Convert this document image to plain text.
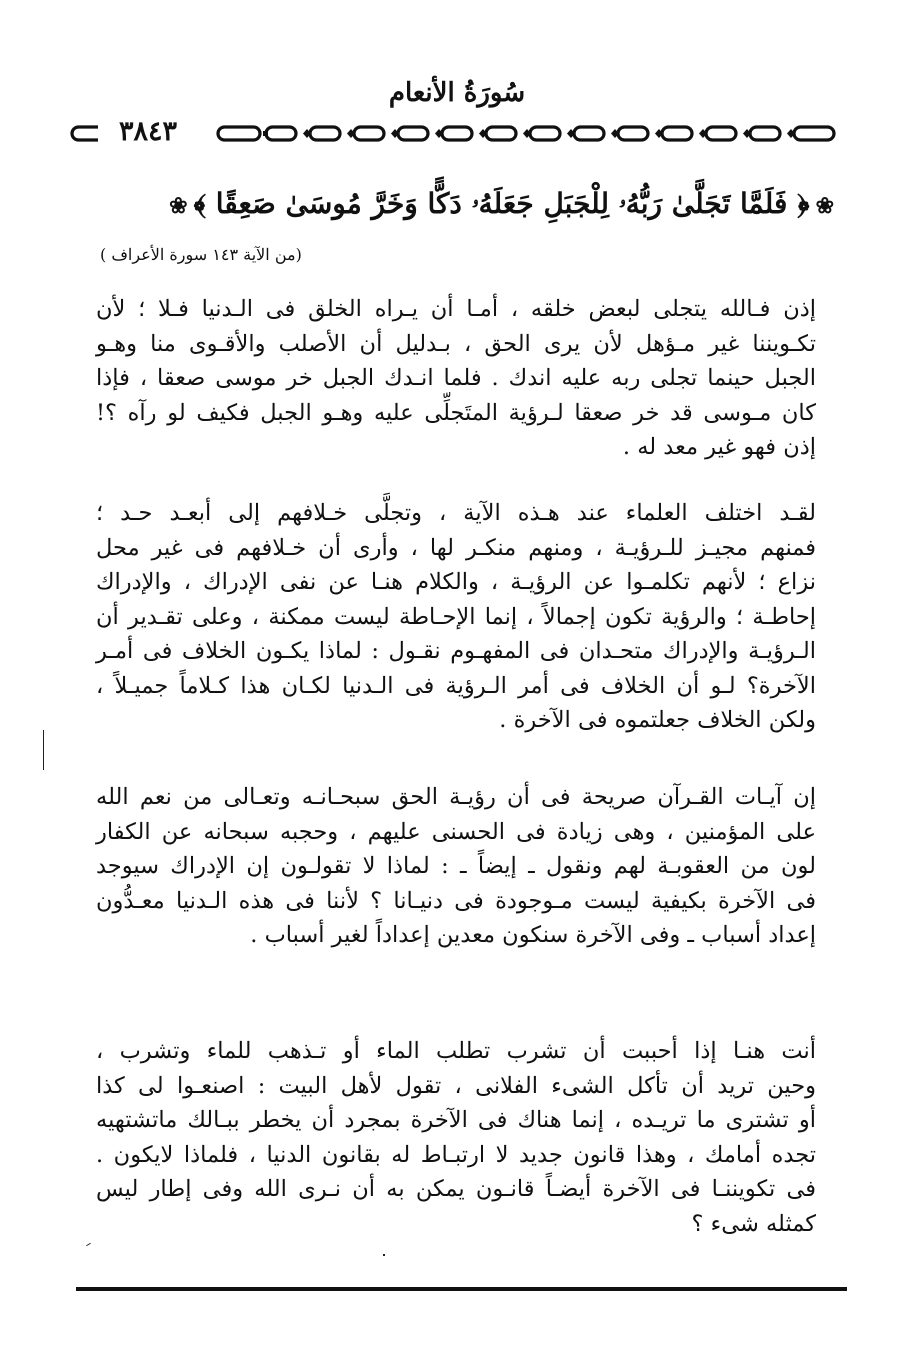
سُورَةُ الأنعام
٣٨٤٣
❀﴿ فَلَمَّا تَجَلَّىٰ رَبُّهُۥ لِلْجَبَلِ جَعَلَهُۥ دَكًّا وَخَرَّ مُوسَىٰ صَعِقًا ﴾❀
(من الآية ١٤٣ سورة الأعراف )
إذن فـالله يتجلى لبعض خلقه ، أمـا أن يـراه الخلق فى الـدنيا فـلا ؛ لأن
تكـويننا غير مـؤهل لأن يرى الحق ، بـدليل أن الأصلب والأقـوى منا وهـو
الجبل حينما تجلى ربه عليه اندك . فلما انـدك الجبل خر موسى صعقا ، فإذا
كان مـوسى قد خر صعقا لـرؤية المتَجلِّى عليه وهـو الجبل فكيف لو رآه ؟!
إذن فهو غير معد له .
لقـد اختلف العلماء عند هـذه الآية ، وتجلَّى خـلافهم إلى أبعـد حـد ؛
فمنهم مجيـز للـرؤيـة ، ومنهم منكـر لها ، وأرى أن خـلافهم فى غير محل
نزاع ؛ لأنهم تكلمـوا عن الرؤيـة ، والكلام هنـا عن نفى الإدراك ، والإدراك
إحاطـة ؛ والرؤية تكون إجمالاً ، إنما الإحـاطة ليست ممكنة ، وعلى تقـدير أن
الـرؤيـة والإدراك متحـدان فى المفهـوم نقـول : لماذا يكـون الخلاف فى أمـر
الآخرة؟ لـو أن الخلاف فى أمر الـرؤية فى الـدنيا لكـان هذا كـلاماً جميـلاً ،
ولكن الخلاف جعلتموه فى الآخرة .
إن آيـات القـرآن صريحة فى أن رؤيـة الحق سبحـانـه وتعـالى من نعم الله
على المؤمنين ، وهى زيادة فى الحسنى عليهم ، وحجبه سبحانه عن الكفار
لون من العقوبـة لهم ونقول ـ إيضاً ـ : لماذا لا تقولـون إن الإدراك سيوجد
فى الآخرة بكيفية ليست مـوجودة فى دنيـانا ؟ لأننا فى هذه الـدنيا معـدُّون
إعداد أسباب ـ وفى الآخرة سنكون معدين إعداداً لغير أسباب .
أنت هنـا إذا أحببت أن تشرب تطلب الماء أو تـذهب للماء وتشرب ،
وحين تريد أن تأكل الشىء الفلانى ، تقول لأهل البيت : اصنعـوا لى كذا
أو تشترى ما تريـده ، إنما هناك فى الآخرة بمجرد أن يخطر ببـالك ماتشتهيه
تجده أمامك ، وهذا قانون جديد لا ارتبـاط له بقانون الدنيا ، فلماذا لايكون .
فى تكويننـا فى الآخرة أيضـاً قانـون يمكن به أن نـرى الله وفى إطار ليس
كمثله شىء ؟
